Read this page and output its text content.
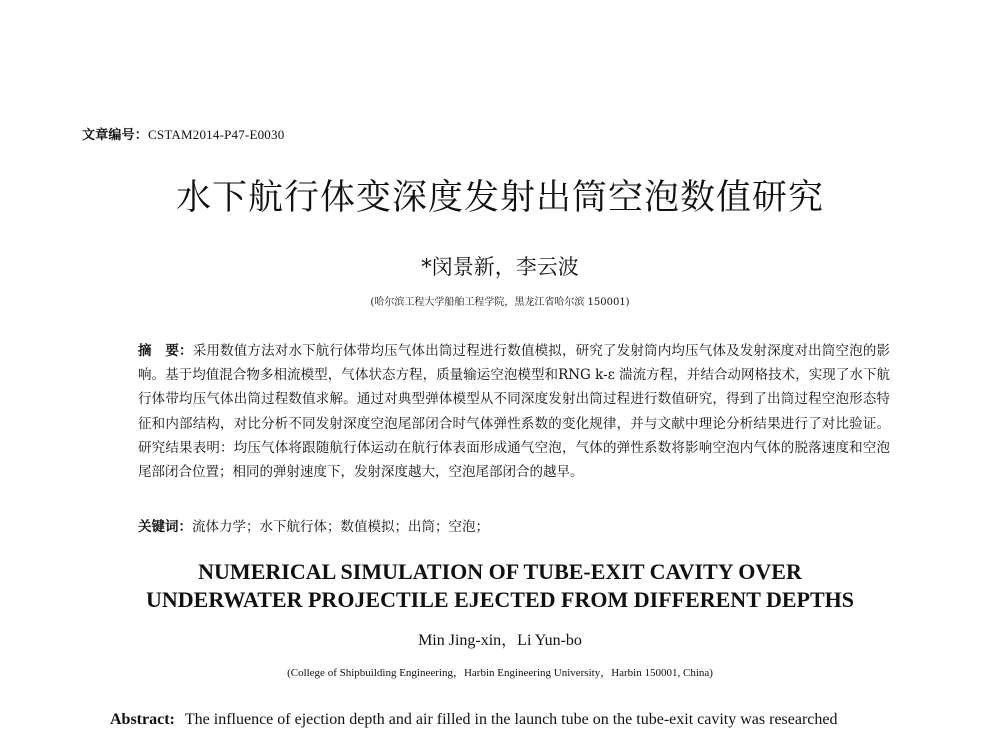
文章编号：CSTAM2014-P47-E0030
水下航行体变深度发射出筒空泡数值研究
*闵景新，李云波
(哈尔滨工程大学船舶工程学院，黑龙江省哈尔滨 150001)
摘　要：采用数值方法对水下航行体带均压气体出筒过程进行数值模拟，研究了发射筒内均压气体及发射深度对出筒空泡的影响。基于均值混合物多相流模型，气体状态方程，质量输运空泡模型和RNG k-ε 湍流方程，并结合动网格技术，实现了水下航行体带均压气体出筒过程数值求解。通过对典型弹体模型从不同深度发射出筒过程进行数值研究，得到了出筒过程空泡形态特征和内部结构，对比分析不同发射深度空泡尾部闭合时气体弹性系数的变化规律，并与文献中理论分析结果进行了对比验证。研究结果表明：均压气体将跟随航行体运动在航行体表面形成通气空泡，气体的弹性系数将影响空泡内气体的脱落速度和空泡尾部闭合位置；相同的弹射速度下，发射深度越大，空泡尾部闭合的越早。
关键词：流体力学；水下航行体；数值模拟；出筒；空泡；
NUMERICAL SIMULATION OF TUBE-EXIT CAVITY OVER
UNDERWATER PROJECTILE EJECTED FROM DIFFERENT DEPTHS
Min Jing-xin，Li Yun-bo
(College of Shipbuilding Engineering，Harbin Engineering University，Harbin 150001, China)
Abstract: The influence of ejection depth and air filled in the launch tube on the tube-exit cavity was researched
